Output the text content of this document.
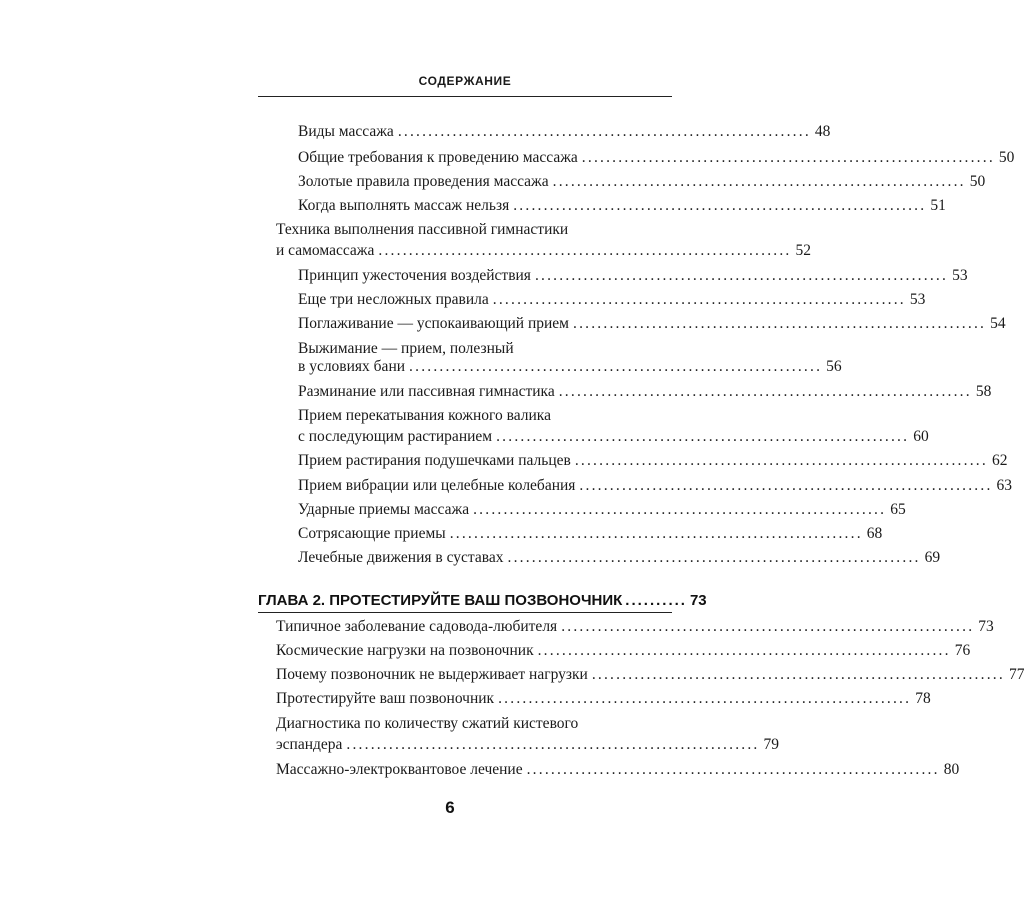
СОДЕРЖАНИЕ
Виды массажа .................................................................... 48
Общие требования к проведению массажа .................................................................... 50
Золотые правила проведения массажа .................................................................... 50
Когда выполнять массаж нельзя .................................................................... 51
Техника выполнения пассивной гимнастики
и самомассажа .................................................................... 52
Принцип ужесточения воздействия .................................................................... 53
Еще три несложных правила .................................................................... 53
Поглаживание — успокаивающий прием .................................................................... 54
Выжимание — прием, полезный
в условиях бани .................................................................... 56
Разминание или пассивная гимнастика .................................................................... 58
Прием перекатывания кожного валика
с последующим растиранием .................................................................... 60
Прием растирания подушечками пальцев .................................................................... 62
Прием вибрации или целебные колебания .................................................................... 63
Ударные приемы массажа .................................................................... 65
Сотрясающие приемы .................................................................... 68
Лечебные движения в суставах .................................................................... 69
ГЛАВА 2. ПРОТЕСТИРУЙТЕ ВАШ ПОЗВОНОЧНИК .......... 73
Типичное заболевание садовода-любителя .................................................................... 73
Космические нагрузки на позвоночник .................................................................... 76
Почему позвоночник не выдерживает нагрузки .................................................................... 77
Протестируйте ваш позвоночник .................................................................... 78
Диагностика по количеству сжатий кистевого
эспандера .................................................................... 79
Массажно-электроквантовое лечение .................................................................... 80
6
